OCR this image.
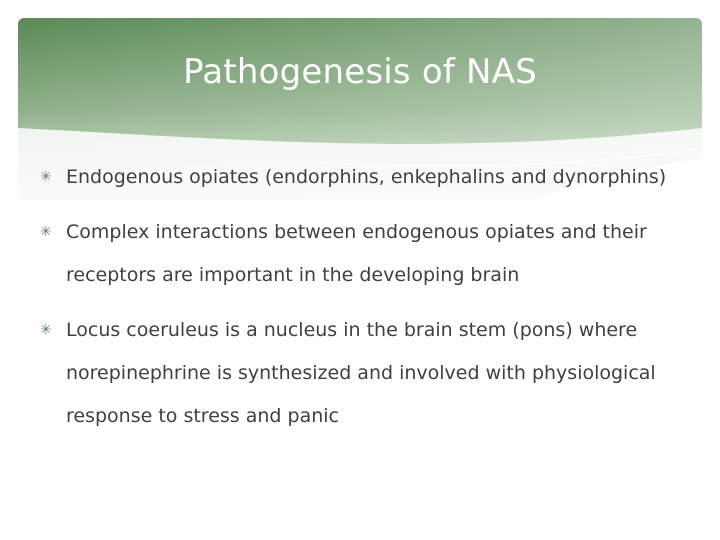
Pathogenesis of NAS
✳ Endogenous opiates (endorphins, enkephalins and dynorphins)
✳ Complex interactions between endogenous opiates and their receptors are important in the developing brain
✳ Locus coeruleus is a nucleus in the brain stem (pons) where norepinephrine is synthesized and involved with physiological response to stress and panic
